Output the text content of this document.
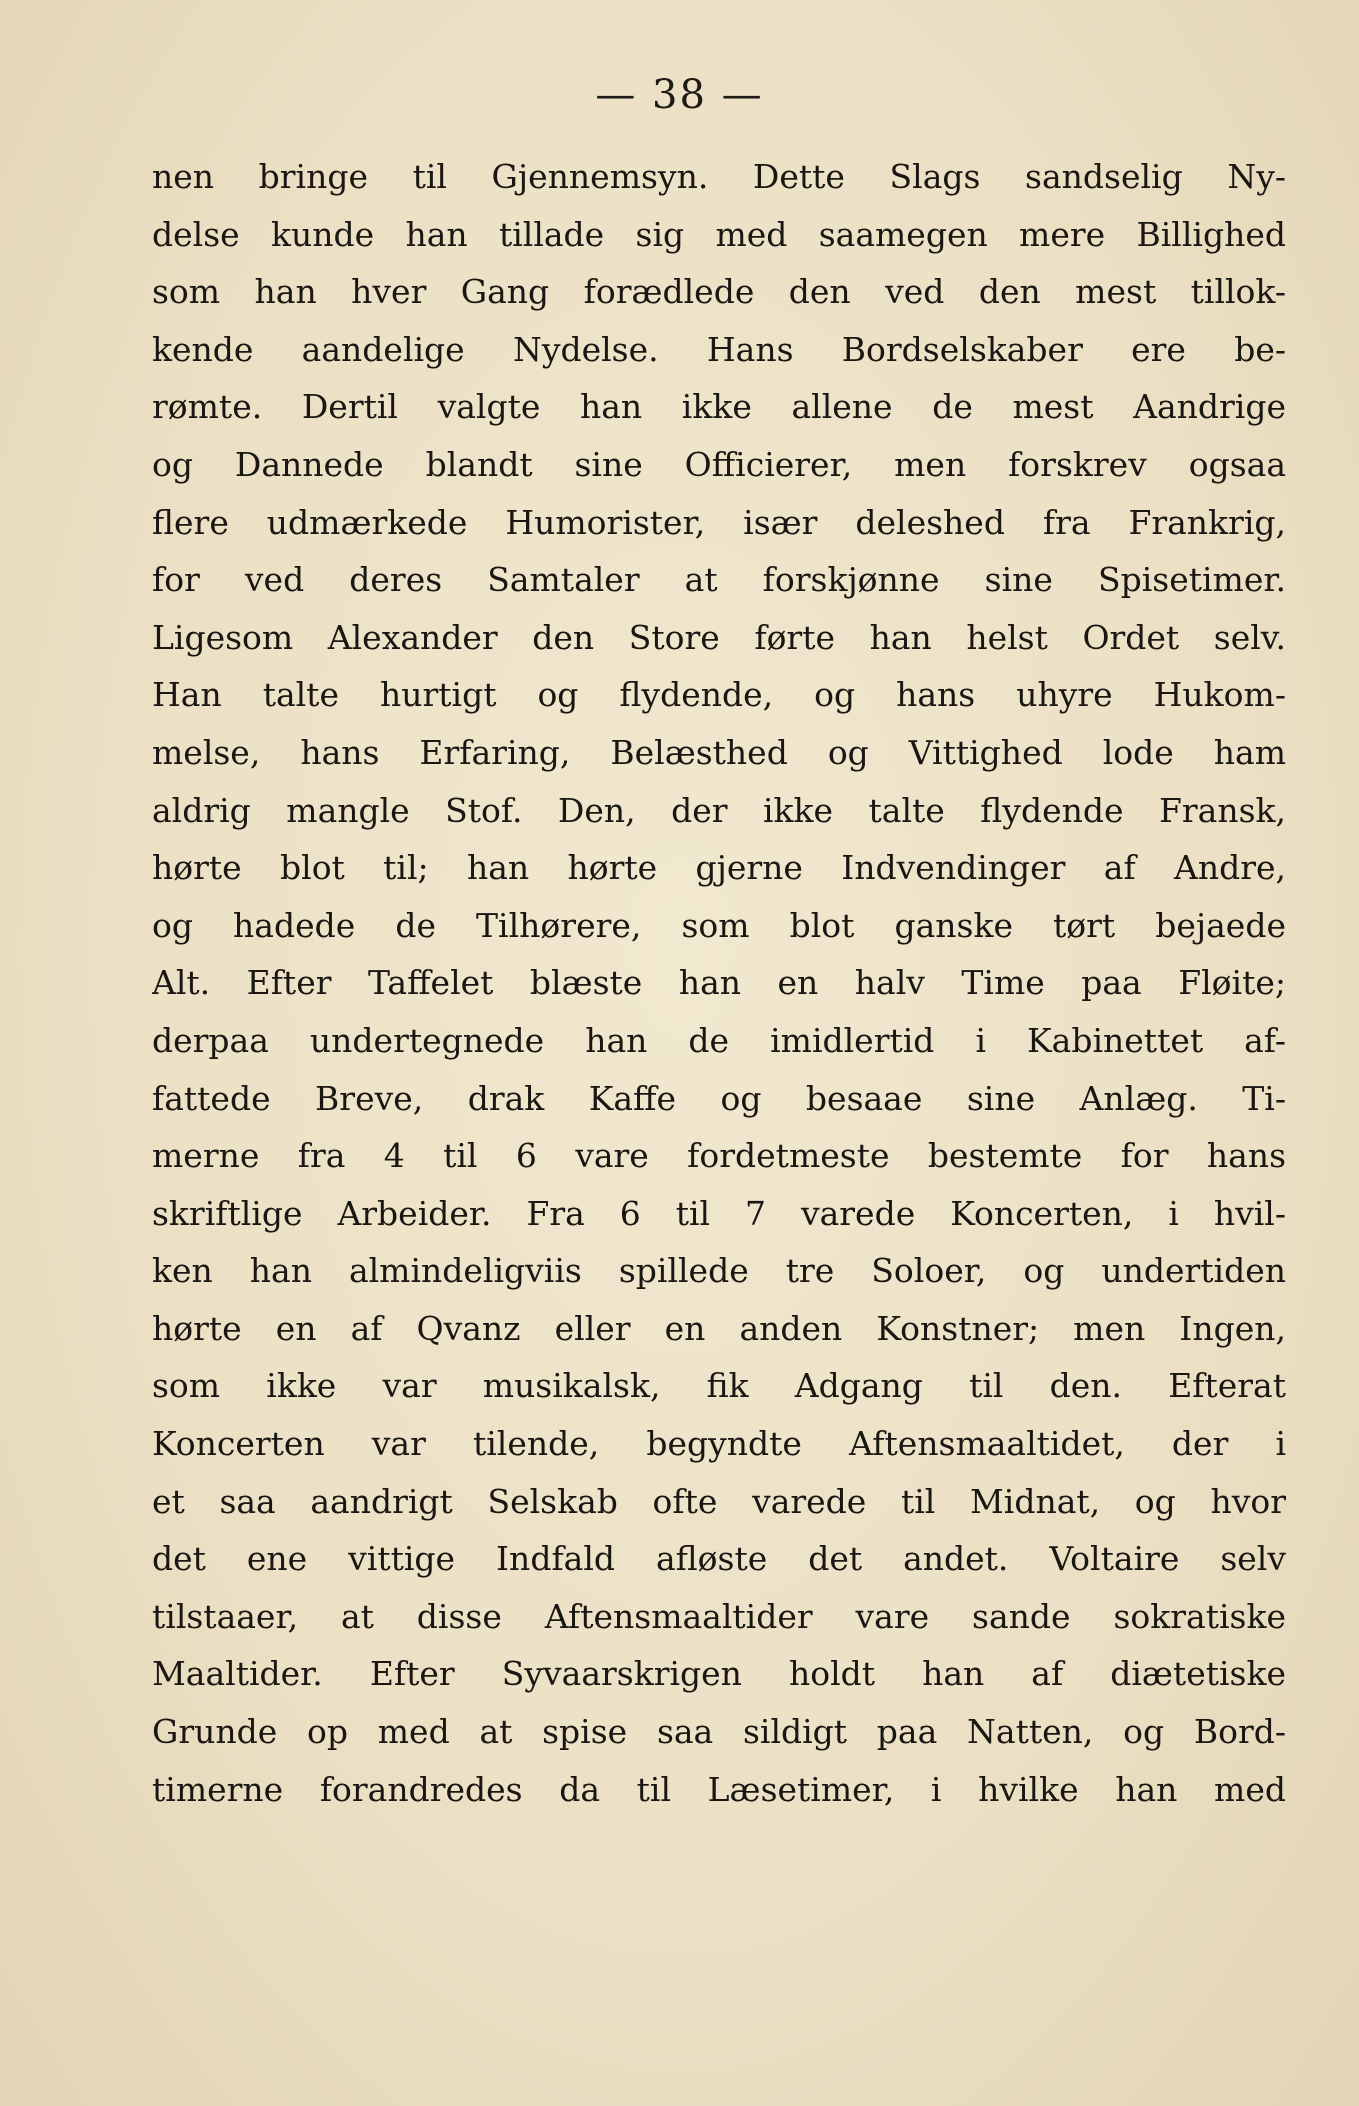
— 38 —
nen bringe til Gjennemsyn. Dette Slags sandselig Ny-
delse kunde han tillade sig med saamegen mere Billighed
som han hver Gang forædlede den ved den mest tillok-
kende aandelige Nydelse. Hans Bordselskaber ere be-
rømte. Dertil valgte han ikke allene de mest Aandrige
og Dannede blandt sine Officierer, men forskrev ogsaa
flere udmærkede Humorister, især deleshed fra Frankrig,
for ved deres Samtaler at forskjønne sine Spisetimer.
Ligesom Alexander den Store førte han helst Ordet selv.
Han talte hurtigt og flydende, og hans uhyre Hukom-
melse, hans Erfaring, Belæsthed og Vittighed lode ham
aldrig mangle Stof. Den, der ikke talte flydende Fransk,
hørte blot til; han hørte gjerne Indvendinger af Andre,
og hadede de Tilhørere, som blot ganske tørt bejaede
Alt. Efter Taffelet blæste han en halv Time paa Fløite;
derpaa undertegnede han de imidlertid i Kabinettet af-
fattede Breve, drak Kaffe og besaae sine Anlæg. Ti-
merne fra 4 til 6 vare fordetmeste bestemte for hans
skriftlige Arbeider. Fra 6 til 7 varede Koncerten, i hvil-
ken han almindeligviis spillede tre Soloer, og undertiden
hørte en af Qvanz eller en anden Konstner; men Ingen,
som ikke var musikalsk, fik Adgang til den. Efterat
Koncerten var tilende, begyndte Aftensmaaltidet, der i
et saa aandrigt Selskab ofte varede til Midnat, og hvor
det ene vittige Indfald afløste det andet. Voltaire selv
tilstaaer, at disse Aftensmaaltider vare sande sokratiske
Maaltider. Efter Syvaarskrigen holdt han af diætetiske
Grunde op med at spise saa sildigt paa Natten, og Bord-
timerne forandredes da til Læsetimer, i hvilke han med
